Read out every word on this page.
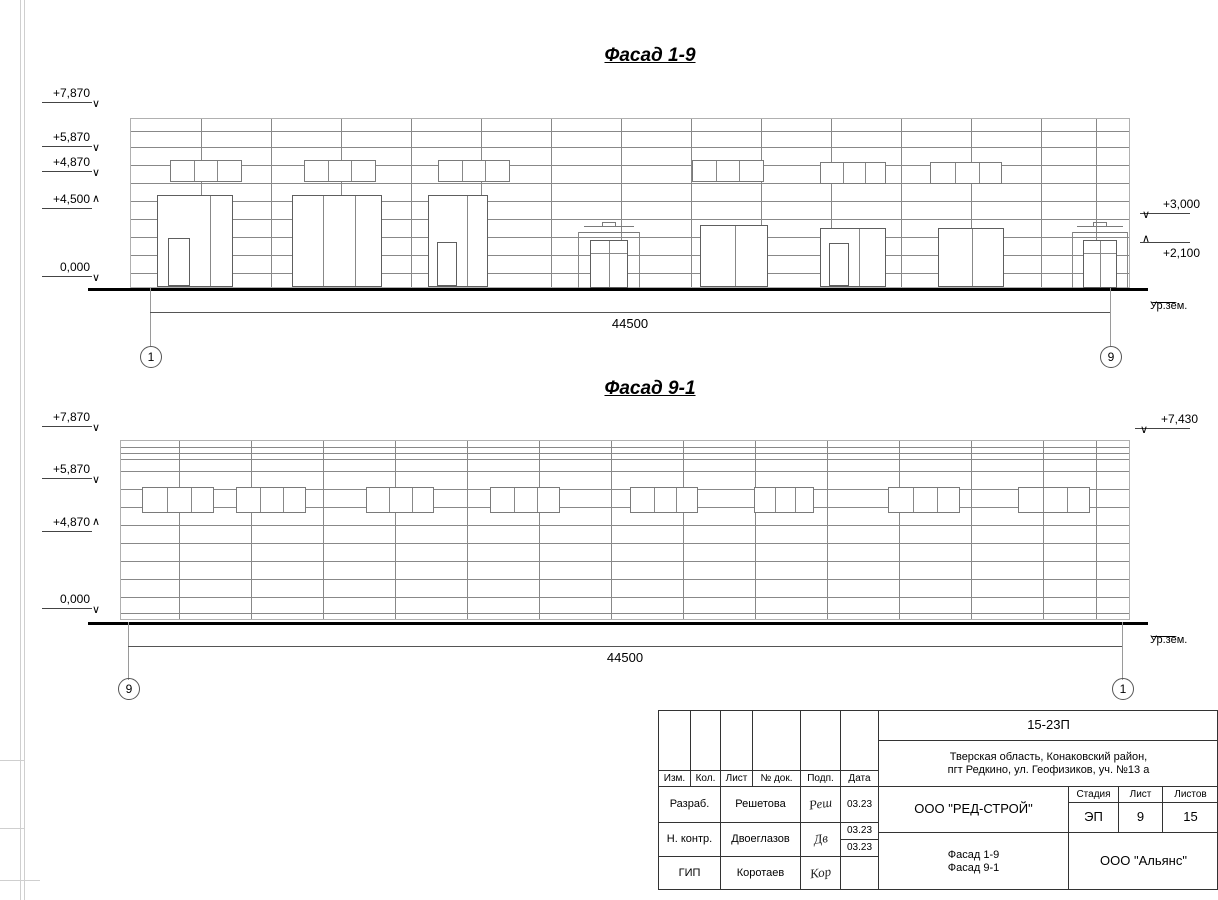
Фасад 1-9
+7,870
∨
+5,870
∨
+4,870
∨
+4,500 ∧
0,000
∨
+3,000
∨
+2,100
∧
Ур.зем.
44500
1	9
Фасад 9-1
+7,870
∨
+5,870
∨
+4,870 ∧
0,000
∨
+7,430
∨
Ур.зем.
44500
9	1
Изм.	Кол.	Лист	№ док.	Подп.	Дата
Разраб.	Решетова	Реш	03.23
Н. контр.	Двоеглазов	Дв	03.23
03.23
ГИП	Коротаев	Кор
15-23П
Тверская область, Конаковский район,
пгт Редкино, ул. Геофизиков, уч. №13 а
ООО "РЕД-СТРОЙ"
Стадия	Лист	Листов
ЭП	9	15
Фасад 1-9
Фасад 9-1	ООО "Альянс"
